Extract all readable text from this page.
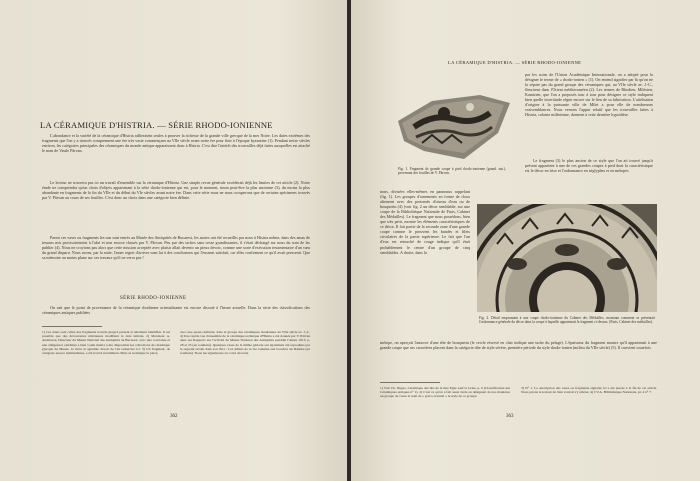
LA CÉRAMIQUE D'HISTRIA. — SÉRIE RHODO-IONIENNE
L'abondance et la variété de la céramique d'Histria rallieraient seules à prouver la richesse de la grande ville grecque de la mer Noire. Les dates extrêmes des fragments que l'on y a trouvés comprennent une ère très vaste commençant au VIIe siècle avant notre ère pour finir à l'époque byzantine (1). Pendant treize siècles environ, les catégories principales des céramiques du monde antique apparaissent donc à Histria. C'est dire l'intérêt des trouvailles déjà faites auxquelles est attaché le nom de Vasile Pârvan.
Le lecteur ne trouvera pas ici un travail d'ensemble sur la céramique d'Histria. Une simple revue générale excéderait déjà les limites de cet article (2). Notre étude ne comprendra qu'un choix d'objets appartenant à la série rhodo-ionienne qui est, pour le moment, sinon peut-être la plus ancienne (3), du moins la plus abondante en fragments de la fin du VIIe et du début du VIe siècles avant notre ère. Dans cette série nous ne nous occuperons que de certains spécimens trouvés par V. Pârvan au cours de ses fouilles. C'est donc un choix dans une catégorie bien définie.
Parmi ces vases ou fragments les uns sont entrés au Musée des Antiquités de Bucarest, les autres ont été recueillis par nous à Histria même, dans des amas de tessons mis provisoirement à l'abri et non encore classés par V. Pârvan. Peu par des taches sans cesse grandissantes, il s'était déchargé sur nous du soin de les publier (4). Nous ne croyions pas alors que cette mission acceptée avec plaisir allait devenir un pieux devoir, comme une sorte d'exécution testamentaire d'un vœu du grand disparu. Nous avons, par la suite, l'amer regret d'arriver sans lui à des conclusions qui l'eussent satisfait, car elles confirment ce qu'il avait pressenti. Que sa mémoire au moins plane sur ces travaux qu'il ne verra pas !
SÉRIE RHODO-IONIENNE
On sait que le point de provenance de la céramique rhodienne orientalisante est encore discuté à l'heure actuelle. Dans la série des classifications des céramiques antiques publiées
1) Ces dates sont celles des fragments trouvés jusqu'à présent et sûrement identifiés. Il est possible que des découvertes ultérieures modifient la date initiale. 2) Monsieur A. Andriescu, Directeur du Musée National des Antiquités de Bucarest, avec une courtoisie et une obligeance extrêmes a bien voulu mettre à ma disposition les collections de céramique grecque du Musée. Je m'en ai agréable devoir de l'en remercier ici. 3) Un fragment, de catégorie encore indéterminée, a été trouvé récemment. Mais sa technique le place,
avec une quasi-certitude, dans le groupe des céramiques rhodiennes du VIIe siècle av. J.-C. 4) Une rapide vue d'ensemble de la céramique technique d'Histria a été donnée par V. Pârvan dans ses Rapports sur l'activité du Musée National des Antiquités pendant l'année 1913, p. 28 et 25 (en roumain). Quelques vases de la même période ont également été reproduits par le regretté savant dans son livre : Les débuts de la vie romaine aux bouches du Danube (en roumain). Nous les signalerons au cours du texte.
362
LA CÉRAMIQUE D'HISTRIA. — SÉRIE RHODO-IONIENNE
Fig. 1. Fragment de grande coupe à pied rhodo-ionienne (grand. nat.), provenant des fouilles de V. Pârvan.
par les soins de l'Union Académique Internationale, on a adopté pour la désigner le terme de « rhodo-ionien » (1). On entend signifier par là qu'on ne la sépare pas du grand groupe des céramiques qui, au VIIe siècle av. J.-C., fleurirent dans l'Orient méditerranéen (2). Les termes de Rhodien, Milésien, Kamirien, que l'on a proposés tour à tour pour désigner ce style indiquent bien quelle incertitude règne encore sur le lieu de sa fabrication. L'attribution d'origine à la puissante ville de Milet a pour elle de nombreuses vraisemblances. Nous verrons l'appui relatif que les trouvailles faites à Histria, colonie milésienne, donnent à cette dernière hypothèse.
Le fragment (3) le plus ancien de ce style que l'on ait trouvé jusqu'à présent appartient à une de ces grandes coupes à pied dont la caractéristique est le décor en frise et l'ordonnance en triglyphes et en métopes
nons, divisées elles-mêmes en panneaux rappelant (fig. 1). Les groupes d'ornements en forme de clous alternent avec des protomés d'oiseau d'eau ou de bouquetin (4) (voir fig. 2 un décor semblable, sur une coupe de la Bibliothèque Nationale de Paris, Cabinet des Médailles). Le fragment que nous possédons, bien que très petit, montre les éléments caractéristiques de ce décor. Il fait partie de la seconde zone d'une grande coupe comme le prouvent les bandes et filets circulaires de la partie supérieure. Le fait que l'un d'eux est retouché de rouge indique qu'il était probablement le centre d'un groupe de cinq semblables. A droite, dans la
Fig. 2. Détail empruntant à une coupe rhodo-ionienne du Cabinet des Médailles, montrant comment se présentait l'ordonnance générale du décor dans la coupe à laquelle appartenait le fragment ci-dessus. (Paris, Cabinet des médailles).
métope, on aperçoit l'amorce d'une tête de bouquetin (le cercle réservé en clair indique une tache du pelage). L'épaisseur du fragment montre qu'il appartenait à une grande coupe que ses caractères placent dans la catégorie dite de style sévère, première période du style rhodo-ionien (milieu du VIIe siècle) (5). Il convient toutefois
1) Voir Ch. Dugas, Céramique des îles de la mer Egée sauf la Crète, p. 6 (Classification des Céramiques antiques n° 1). 2) C'est ce qu'on a fait aussi Jarde en désignant de nos manières un groupe de vases le nom de « gréco oriental » le style de ce groupe.
3) N° 1. La description des vases ou fragments signalés ici a été placée à la fin de cet article. Nous prions le lecteur de bien vouloir s'y référer. 4) CV.A. Bibliothèque Nationale, pl. 4 n° 7.
363
